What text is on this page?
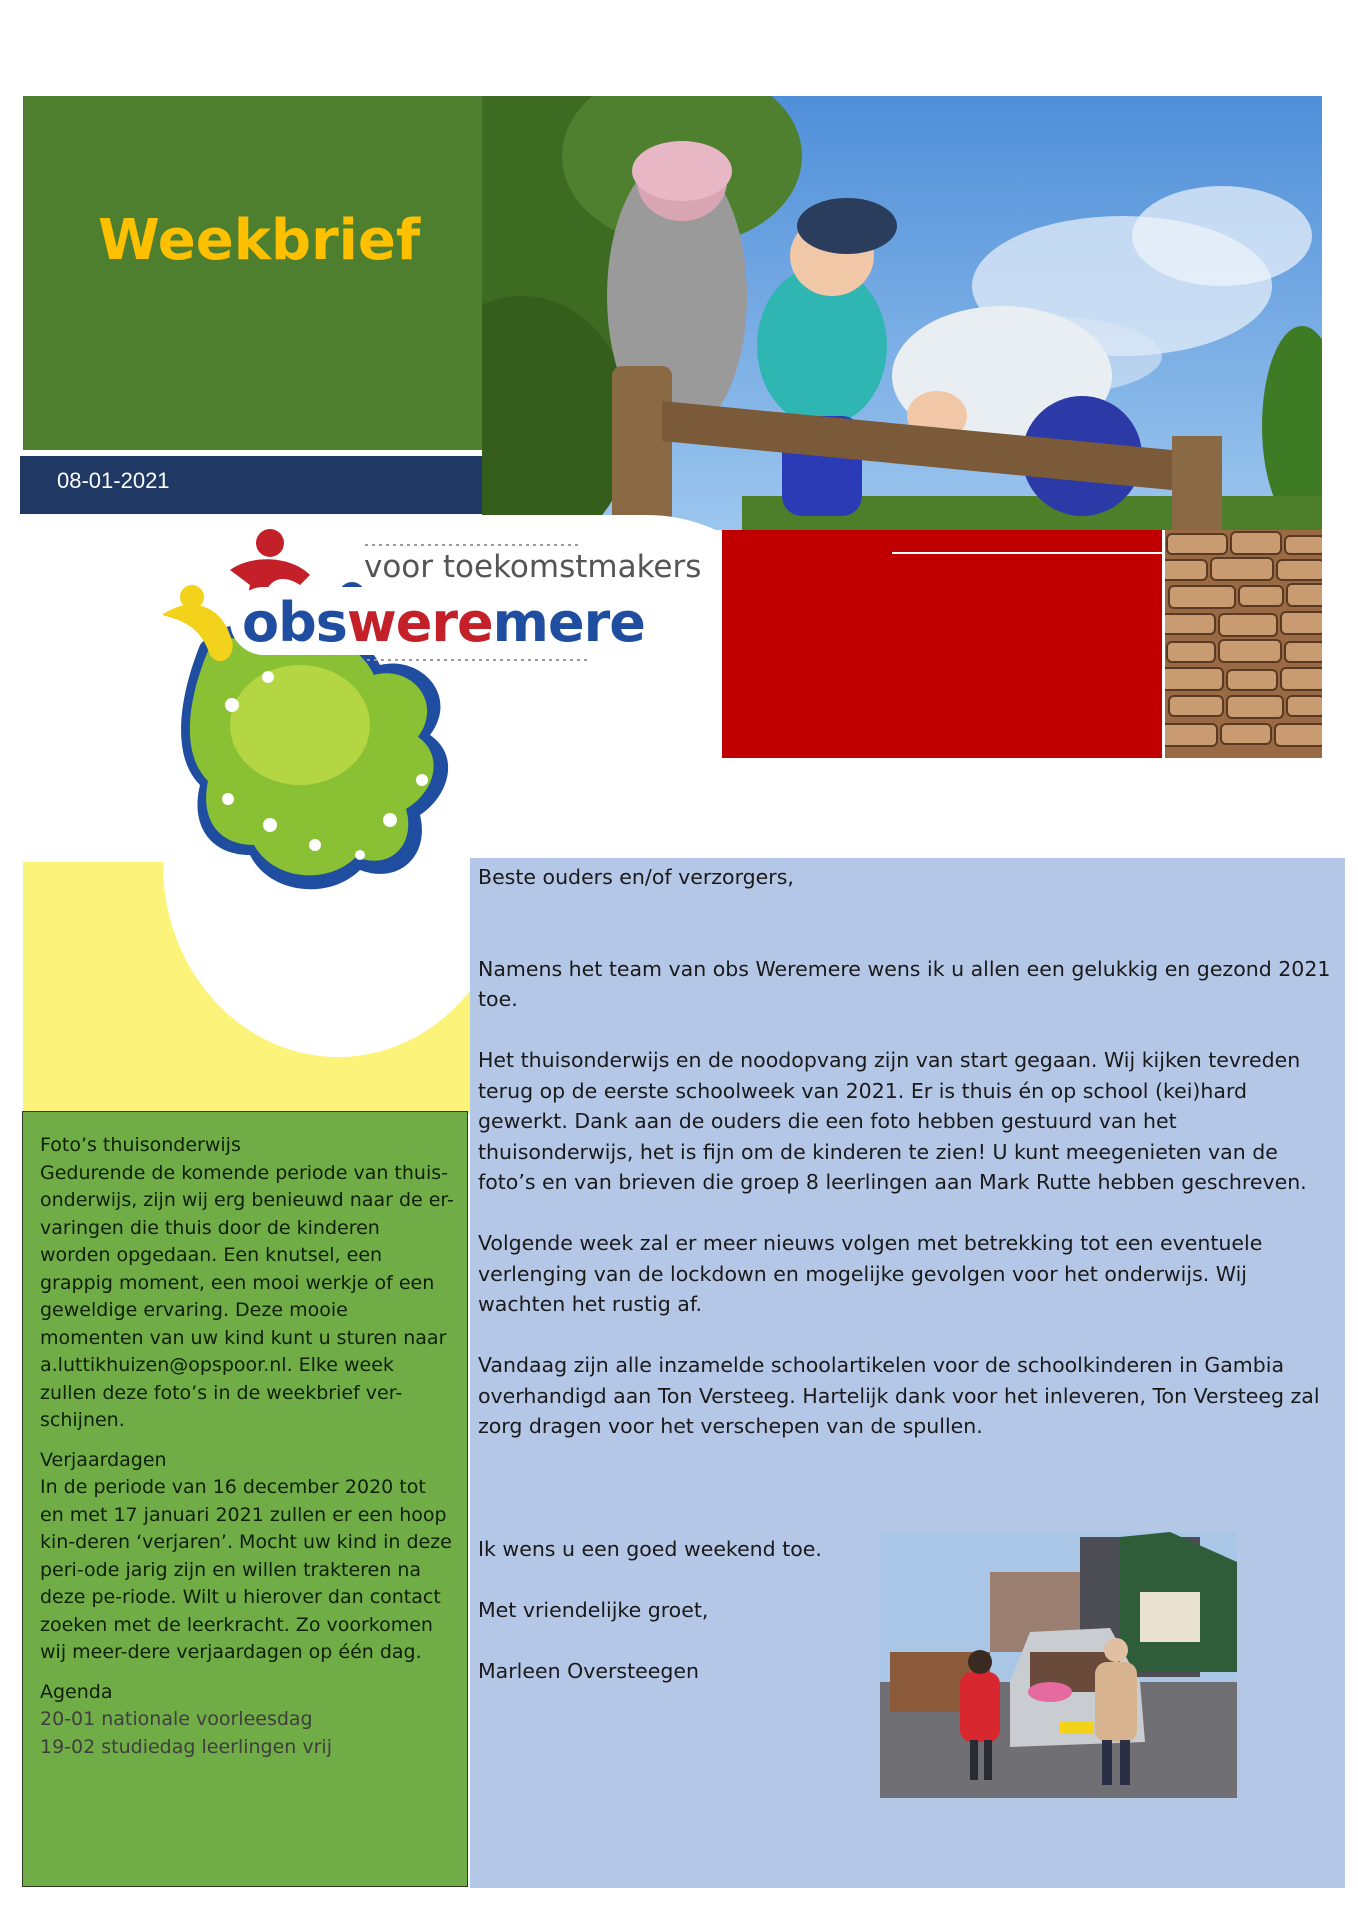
Weekbrief
08-01-2021
voor toekomstmakers
obsweremere
Foto’s thuisonderwijs
Gedurende de komende periode van thuis-onderwijs, zijn wij erg benieuwd naar de er-varingen die thuis door de kinderen worden opgedaan. Een knutsel, een grappig moment, een mooi werkje of een geweldige ervaring. Deze mooie momenten van uw kind kunt u sturen naar a.luttikhuizen@opspoor.nl. Elke week zullen deze foto’s in de weekbrief ver-schijnen.
Verjaardagen
In de periode van 16 december 2020 tot en met 17 januari 2021 zullen er een hoop kin-deren ‘verjaren’. Mocht uw kind in deze peri-ode jarig zijn en willen trakteren na deze pe-riode. Wilt u hierover dan contact zoeken met de leerkracht. Zo voorkomen wij meer-dere verjaardagen op één dag.
Agenda
20-01 nationale voorleesdag
19-02 studiedag leerlingen vrij

Beste ouders en/of verzorgers,

Namens het team van obs Weremere wens ik u allen een gelukkig en gezond 2021 toe.

Het thuisonderwijs en de noodopvang zijn van start gegaan. Wij kijken tevreden terug op de eerste schoolweek van 2021. Er is thuis én op school (kei)hard gewerkt. Dank aan de ouders die een foto hebben gestuurd van het thuisonderwijs, het is fijn om de kinderen te zien! U kunt meegenieten van de foto’s en van brieven die groep 8 leerlingen aan Mark Rutte hebben geschreven.

Volgende week zal er meer nieuws volgen met betrekking tot een eventuele verlenging van de lockdown en mogelijke gevolgen voor het onderwijs. Wij wachten het rustig af.

Vandaag zijn alle inzamelde schoolartikelen voor de schoolkinderen in Gambia overhandigd aan Ton Versteeg. Hartelijk dank voor het inleveren, Ton Versteeg zal zorg dragen voor het verschepen van de spullen.

Ik wens u een goed weekend toe.

Met vriendelijke groet,

Marleen Oversteegen
